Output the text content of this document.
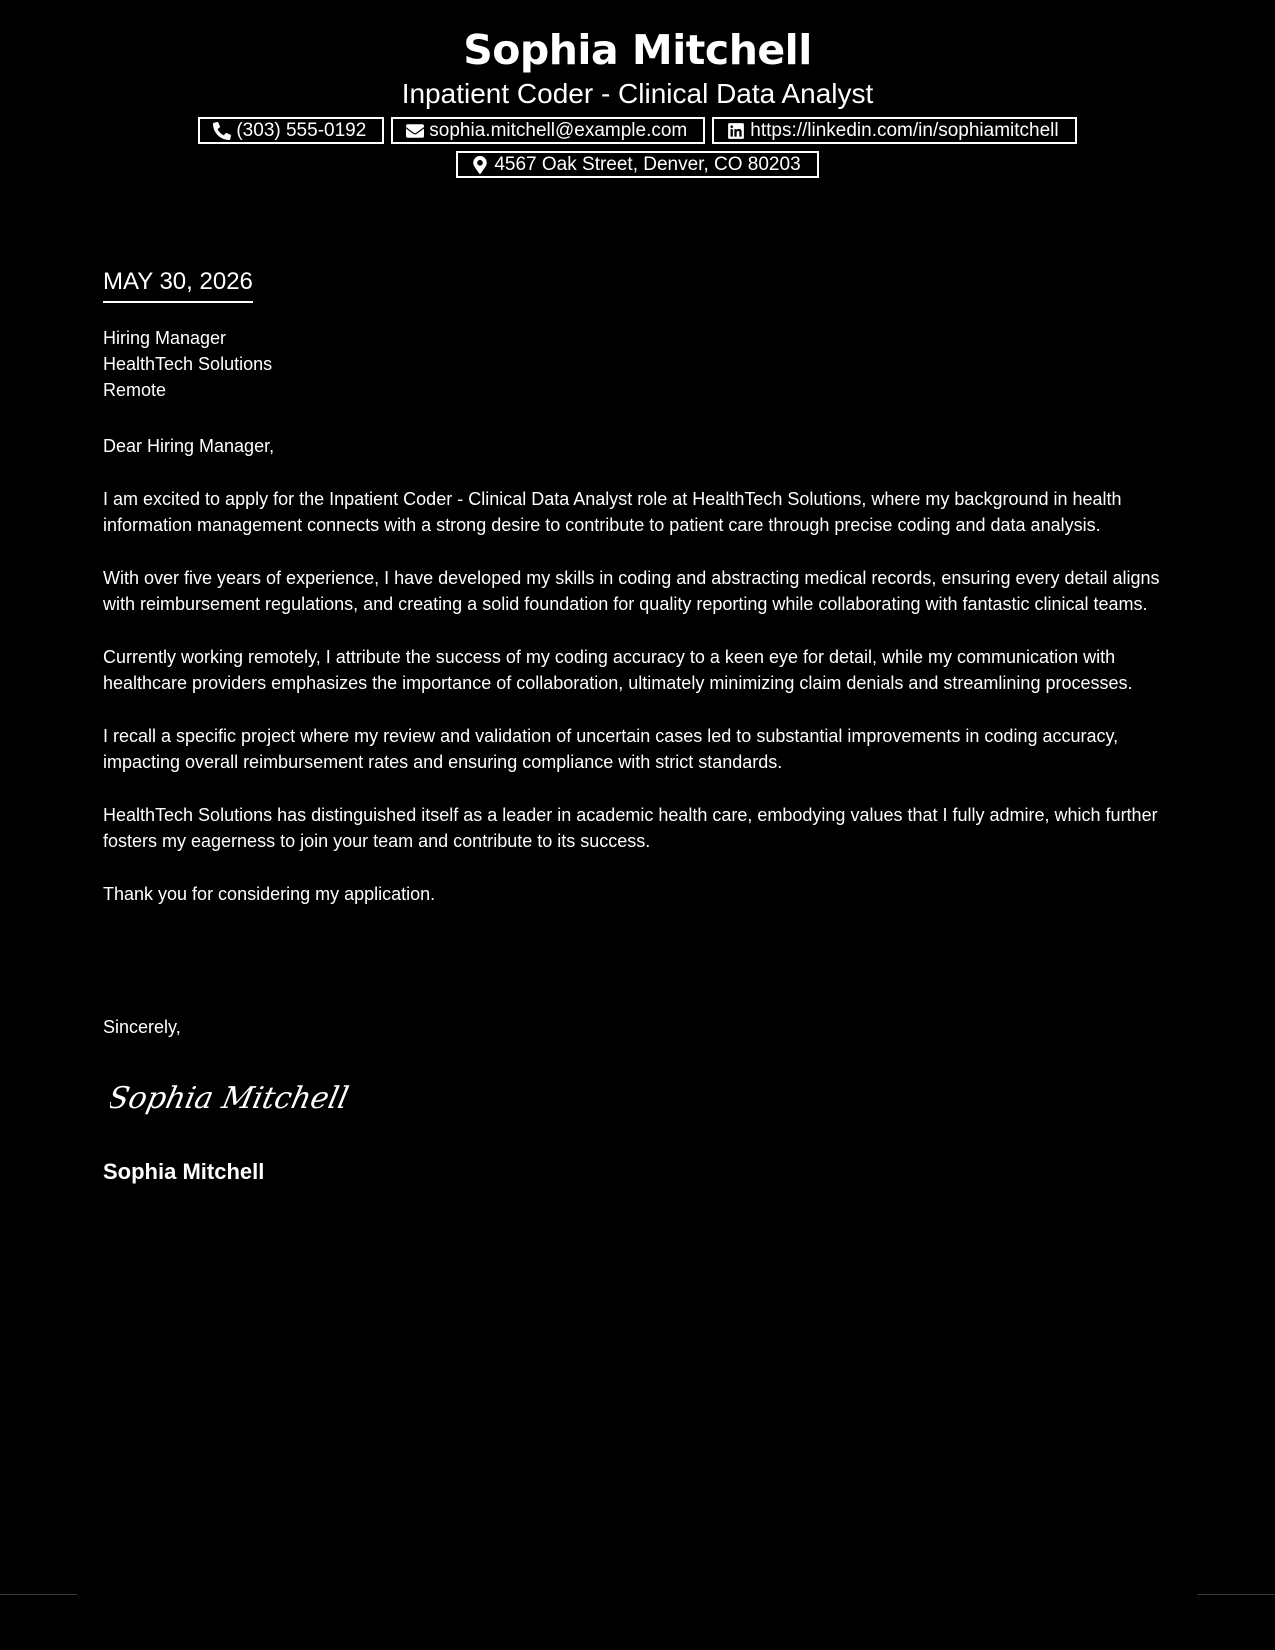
Sophia Mitchell
Inpatient Coder - Clinical Data Analyst
(303) 555-0192	sophia.mitchell@example.com	https://linkedin.com/in/sophiamitchell
4567 Oak Street, Denver, CO 80203
MAY 30, 2026
Hiring Manager
HealthTech Solutions
Remote

Dear Hiring Manager,

I am excited to apply for the Inpatient Coder - Clinical Data Analyst role at HealthTech Solutions, where my background in health information management connects with a strong desire to contribute to patient care through precise coding and data analysis.

With over five years of experience, I have developed my skills in coding and abstracting medical records, ensuring every detail aligns with reimbursement regulations, and creating a solid foundation for quality reporting while collaborating with fantastic clinical teams.

Currently working remotely, I attribute the success of my coding accuracy to a keen eye for detail, while my communication with healthcare providers emphasizes the importance of collaboration, ultimately minimizing claim denials and streamlining processes.

I recall a specific project where my review and validation of uncertain cases led to substantial improvements in coding accuracy, impacting overall reimbursement rates and ensuring compliance with strict standards.

HealthTech Solutions has distinguished itself as a leader in academic health care, embodying values that I fully admire, which further fosters my eagerness to join your team and contribute to its success.

Thank you for considering my application.

Sincerely,
Sophia Mitchell
Sophia Mitchell
